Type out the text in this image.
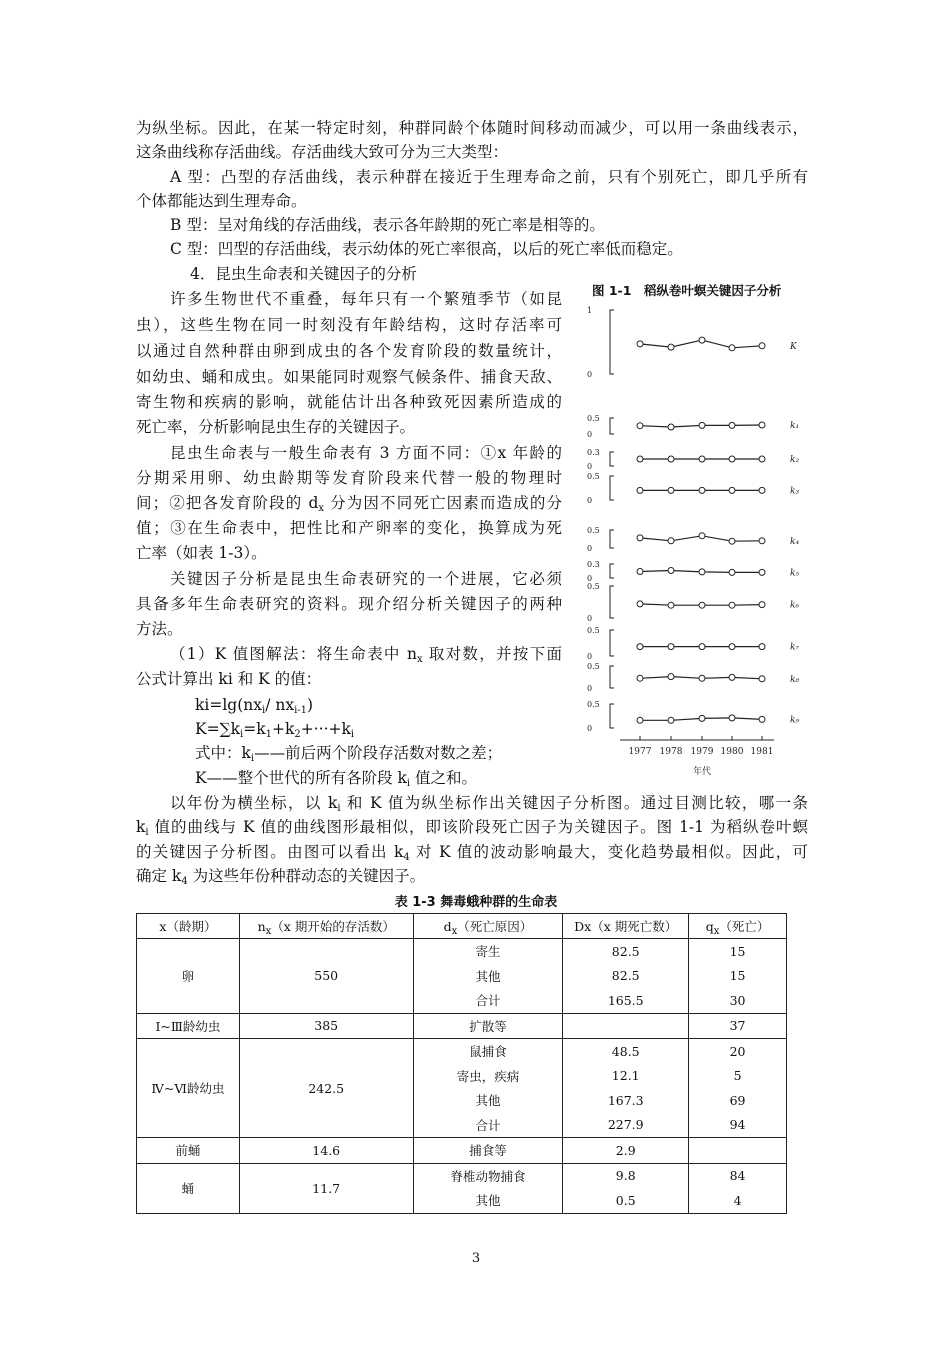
为纵坐标。因此，在某一特定时刻，种群同龄个体随时间移动而减少，可以用一条曲线表示，
这条曲线称存活曲线。存活曲线大致可分为三大类型：
A 型：凸型的存活曲线，表示种群在接近于生理寿命之前，只有个别死亡，即几乎所有
个体都能达到生理寿命。
B 型：呈对角线的存活曲线，表示各年龄期的死亡率是相等的。
C 型：凹型的存活曲线，表示幼体的死亡率很高，以后的死亡率低而稳定。
4．昆虫生命表和关键因子的分析
许多生物世代不重叠，每年只有一个繁殖季节（如昆
虫），这些生物在同一时刻没有年龄结构，这时存活率可
以通过自然种群由卵到成虫的各个发育阶段的数量统计，
如幼虫、蛹和成虫。如果能同时观察气候条件、捕食天敌、
寄生物和疾病的影响，就能估计出各种致死因素所造成的
死亡率，分析影响昆虫生存的关键因子。
昆虫生命表与一般生命表有 3 方面不同：①x 年龄的
分期采用卵、幼虫龄期等发育阶段来代替一般的物理时
间；②把各发育阶段的 $d_x$ 分为因不同死亡因素而造成的分
值；③在生命表中，把性比和产卵率的变化，换算成为死
亡率（如表 1-3）。
关键因子分析是昆虫生命表研究的一个进展，它必须
具备多年生命表研究的资料。现介绍分析关键因子的两种
方法。
（1）K 值图解法：将生命表中 $n_x$ 取对数，并按下面
公式计算出 ki 和 K 的值：
$ki=\lg(nx_i/$ $nx_{i-1}$)
$K=\sum k_i=k_1+k_2+\cdot\cdot\cdot+k_i$
式中：$k_i——$前后两个阶段存活数对数之差；
K——整个世代的所有各阶段 $k_i$ 值之和。
以年份为横坐标，以 $k_i$ 和 K 值为纵坐标作出关键因子分析图。通过目测比较，哪一条
$k_i$ 值的曲线与 K 值的曲线图形最相似，即该阶段死亡因子为关键因子。图 1-1 为稻纵卷叶螟
的关键因子分析图。由图可以看出 $k_4$ 对 K 值的波动影响最大，变化趋势最相似。因此，可
确定 $k_4$ 为这些年份种群动态的关键因子。
图 1-1　稻纵卷叶螟关键因子分析
1
0
K
0.5
0
k₁
0.3
0
k₂
0.5
0
k₃
0.5
0
k₄
0.3
0
k₅
0.5
0
k₆
0.5
0
k₇
0.5
0
k₈
0.5
0
k₉
1977 1978 1979 1980 1981
年代
表 1-3 舞毒蛾种群的生命表
x（龄期）	$n_x(x$ 期开始的存活数）	$d_x$（死亡原因）	Dx（x 期死亡数）	$q_x$（死亡）
卵	550	寄生	82.5	15
		其他	82.5	15
		合计	165.5	30
Ⅰ~Ⅲ龄幼虫	385	扩散等		37
Ⅳ~Ⅵ龄幼虫	242.5	鼠捕食	48.5	20
		寄虫，疾病	12.1	5
		其他	167.3	69
		合计	227.9	94
前蛹	14.6	捕食等	2.9	
蛹	11.7	脊椎动物捕食	9.8	84
		其他	0.5	4
3
